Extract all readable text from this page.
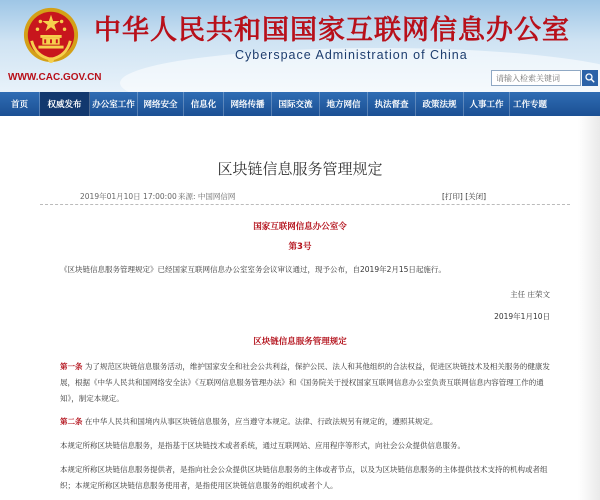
中华人民共和国国家互联网信息办公室
Cyberspace Administration of China
WWW.CAC.GOV.CN
请输入检索关键词
首页	权威发布	办公室工作	网络安全	信息化	网络传播	国际交流	地方网信	执法督查	政策法规	人事工作	工作专题
区块链信息服务管理规定
2019年01月10日 17:00:00 来源: 中国网信网	[打印] [关闭]
国家互联网信息办公室令
第3号
《区块链信息服务管理规定》已经国家互联网信息办公室室务会议审议通过，现予公布，自2019年2月15日起施行。
主任 庄荣文
2019年1月10日
区块链信息服务管理规定
第一条 为了规范区块链信息服务活动，维护国家安全和社会公共利益，保护公民、法人和其他组织的合法权益，促进区块链技术及相关服务的健康发展，根据《中华人民共和国网络安全法》《互联网信息服务管理办法》和《国务院关于授权国家互联网信息办公室负责互联网信息内容管理工作的通知》，制定本规定。
第二条 在中华人民共和国境内从事区块链信息服务，应当遵守本规定。法律、行政法规另有规定的，遵照其规定。
本规定所称区块链信息服务，是指基于区块链技术或者系统，通过互联网站、应用程序等形式，向社会公众提供信息服务。
本规定所称区块链信息服务提供者，是指向社会公众提供区块链信息服务的主体或者节点，以及为区块链信息服务的主体提供技术支持的机构或者组织；本规定所称区块链信息服务使用者，是指使用区块链信息服务的组织或者个人。
